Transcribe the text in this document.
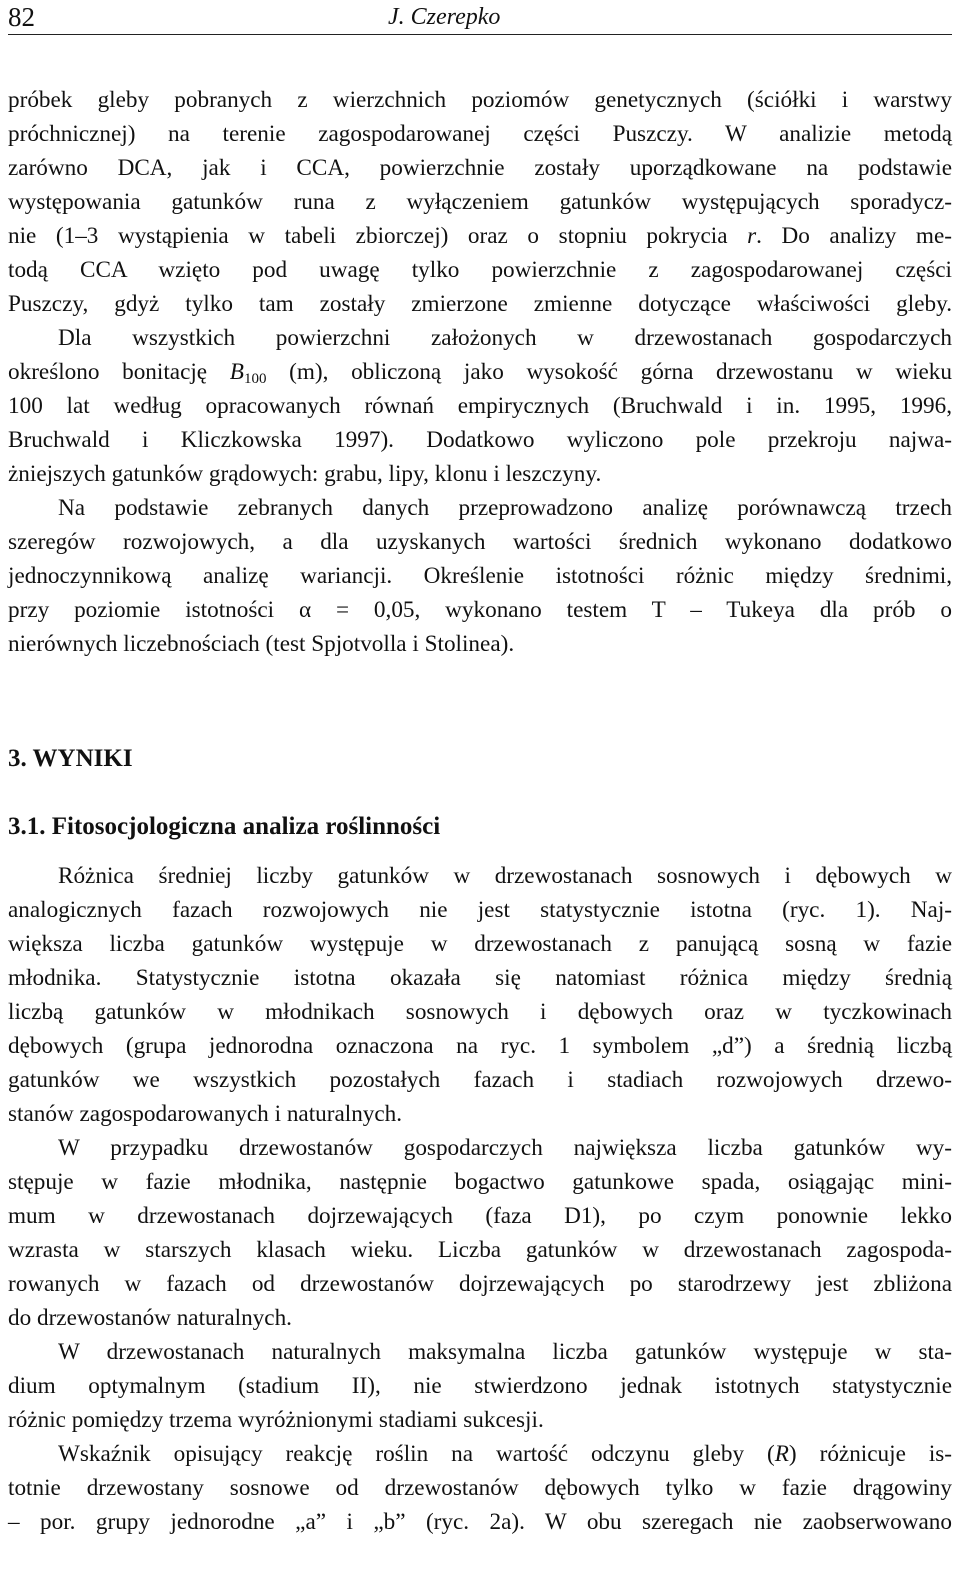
82	J. Czerepko
próbek gleby pobranych z wierzchnich poziomów genetycznych (ściółki i warstwy
próchnicznej) na terenie zagospodarowanej części Puszczy. W analizie metodą
zarówno DCA, jak i CCA, powierzchnie zostały uporządkowane na podstawie
występowania gatunków runa z wyłączeniem gatunków występujących sporadycz-
nie (1–3 wystąpienia w tabeli zbiorczej) oraz o stopniu pokrycia r. Do analizy me-
todą CCA wzięto pod uwagę tylko powierzchnie z zagospodarowanej części
Puszczy, gdyż tylko tam zostały zmierzone zmienne dotyczące właściwości gleby.
Dla wszystkich powierzchni założonych w drzewostanach gospodarczych
określono bonitację $B_{100}$ (m), obliczoną jako wysokość górna drzewostanu w wieku
100 lat według opracowanych równań empirycznych (Bruchwald i in. 1995, 1996,
Bruchwald i Kliczkowska 1997). Dodatkowo wyliczono pole przekroju najwa-
żniejszych gatunków grądowych: grabu, lipy, klonu i leszczyny.
Na podstawie zebranych danych przeprowadzono analizę porównawczą trzech
szeregów rozwojowych, a dla uzyskanych wartości średnich wykonano dodatkowo
jednoczynnikową analizę wariancji. Określenie istotności różnic między średnimi,
przy poziomie istotności α = 0,05, wykonano testem T – Tukeya dla prób o
nierównych liczebnościach (test Spjotvolla i Stolinea).
3. WYNIKI
3.1. Fitosocjologiczna analiza roślinności
Różnica średniej liczby gatunków w drzewostanach sosnowych i dębowych w
analogicznych fazach rozwojowych nie jest statystycznie istotna (ryc. 1). Naj-
większa liczba gatunków występuje w drzewostanach z panującą sosną w fazie
młodnika. Statystycznie istotna okazała się natomiast różnica między średnią
liczbą gatunków w młodnikach sosnowych i dębowych oraz w tyczkowinach
dębowych (grupa jednorodna oznaczona na ryc. 1 symbolem „d”) a średnią liczbą
gatunków we wszystkich pozostałych fazach i stadiach rozwojowych drzewo-
stanów zagospodarowanych i naturalnych.
W przypadku drzewostanów gospodarczych największa liczba gatunków wy-
stępuje w fazie młodnika, następnie bogactwo gatunkowe spada, osiągając mini-
mum w drzewostanach dojrzewających (faza D1), po czym ponownie lekko
wzrasta w starszych klasach wieku. Liczba gatunków w drzewostanach zagospoda-
rowanych w fazach od drzewostanów dojrzewających po starodrzewy jest zbliżona
do drzewostanów naturalnych.
W drzewostanach naturalnych maksymalna liczba gatunków występuje w sta-
dium optymalnym (stadium II), nie stwierdzono jednak istotnych statystycznie
różnic pomiędzy trzema wyróżnionymi stadiami sukcesji.
Wskaźnik opisujący reakcję roślin na wartość odczynu gleby (R) różnicuje is-
totnie drzewostany sosnowe od drzewostanów dębowych tylko w fazie drągowiny
– por. grupy jednorodne „a” i „b” (ryc. 2a). W obu szeregach nie zaobserwowano
